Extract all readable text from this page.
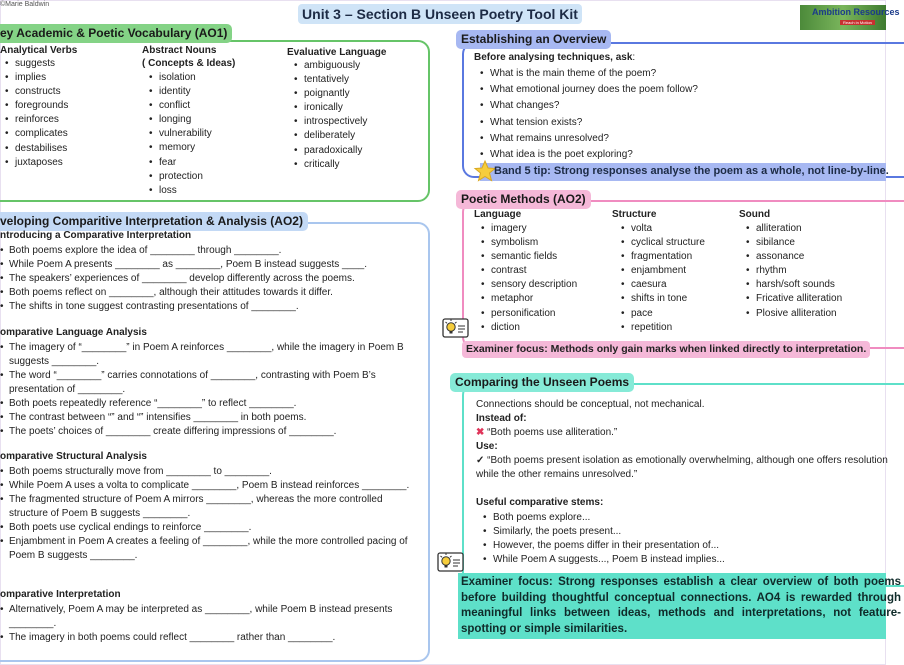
©Marie Baldwin
Unit 3 – Section B Unseen Poetry Tool Kit	Ambition Resources
Reach in Motion
ey Academic & Poetic Vocabulary (AO1)
Analytical Verbs
• suggests
• implies
• constructs
• foregrounds
• reinforces
• complicates
• destabilises
• juxtaposes
Abstract Nouns
( Concepts & Ideas)
• isolation
• identity
• conflict
• longing
• vulnerability
• memory
• fear
• protection
• loss
Evaluative Language
• ambiguously
• tentatively
• poignantly
• ironically
• introspectively
• deliberately
• paradoxically
• critically
veloping Comparitive Interpretation & Analysis (AO2)
ntroducing a Comparative Interpretation
• Both poems explore the idea of ________ through ________.
• While Poem A presents ________ as ________, Poem B instead suggests ____.
• The speakers’ experiences of ________ develop differently across the poems.
• Both poems reflect on ________, although their attitudes towards it differ.
• The shifts in tone suggest contrasting presentations of ________.
omparative Language Analysis
• The imagery of “________” in Poem A reinforces ________, while the imagery in Poem B suggests ________.
• The word “________” carries connotations of ________, contrasting with Poem B’s presentation of ________.
• Both poets repeatedly reference “________” to reflect ________.
• The contrast between “” and “” intensifies ________ in both poems.
• The poets’ choices of ________ create differing impressions of ________.
omparative Structural Analysis
• Both poems structurally move from ________ to ________.
• While Poem A uses a volta to complicate ________, Poem B instead reinforces ________.
• The fragmented structure of Poem A mirrors ________, whereas the more controlled structure of Poem B suggests ________.
• Both poets use cyclical endings to reinforce ________.
• Enjambment in Poem A creates a feeling of ________, while the more controlled pacing of Poem B suggests ________.
omparative Interpretation
• Alternatively, Poem A may be interpreted as ________, while Poem B instead presents ________.
• The imagery in both poems could reflect ________ rather than ________.
Establishing an Overview
Before analysing techniques, ask:
• What is the main theme of the poem?
• What emotional journey does the poem follow?
• What changes?
• What tension exists?
• What remains unresolved?
• What idea is the poet exploring?
Band 5 tip: Strong responses analyse the poem as a whole, not line-by-line.
Poetic Methods (AO2)
Language
• imagery
• symbolism
• semantic fields
• contrast
• sensory description
• metaphor
• personification
• diction
Structure
• volta
• cyclical structure
• fragmentation
• enjambment
• caesura
• shifts in tone
• pace
• repetition
Sound
• alliteration
• sibilance
• assonance
• rhythm
• harsh/soft sounds
• Fricative alliteration
• Plosive alliteration
Examiner focus: Methods only gain marks when linked directly to interpretation.
Comparing the Unseen Poems
Connections should be conceptual, not mechanical.
Instead of:
✖ “Both poems use alliteration.”
Use:
✓ “Both poems present isolation as emotionally overwhelming, although one offers resolution while the other remains unresolved.”
Useful comparative stems:
• Both poems explore...
• Similarly, the poets present...
• However, the poems differ in their presentation of...
• While Poem A suggests..., Poem B instead implies...
Examiner focus: Strong responses establish a clear overview of both poems before building thoughtful conceptual connections. AO4 is rewarded through meaningful links between ideas, methods and interpretations, not feature-spotting or simple similarities.
